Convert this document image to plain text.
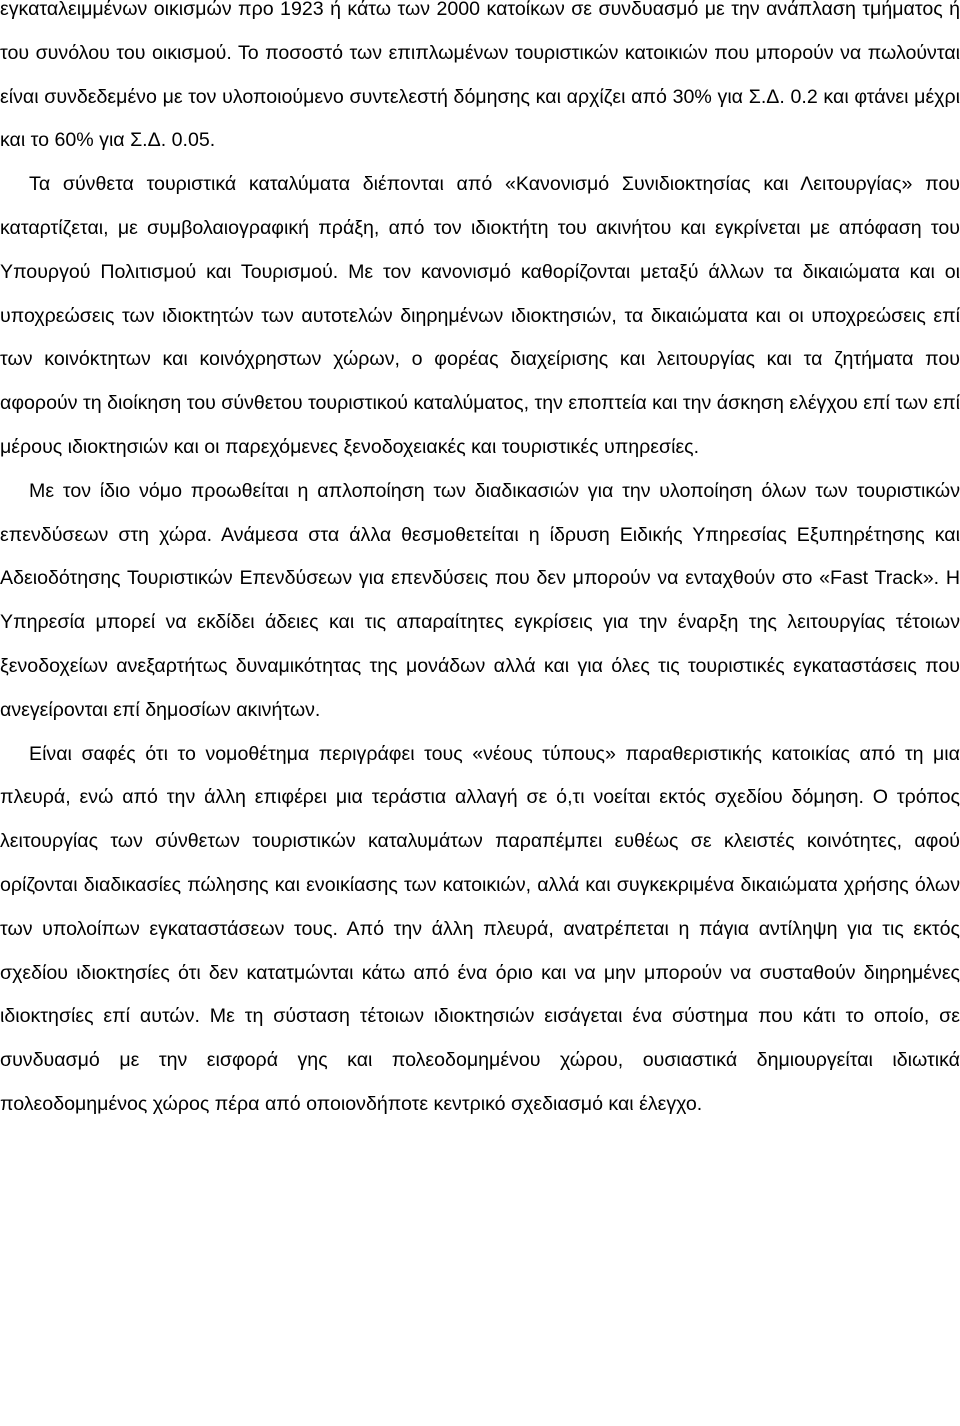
εγκαταλειμμένων οικισμών προ 1923 ή κάτω των 2000 κατοίκων σε συνδυασμό με την ανάπλαση τμήματος ή του συνόλου του οικισμού. Το ποσοστό των επιπλωμένων τουριστικών κατοικιών που μπορούν να πωλούνται είναι συνδεδεμένο με τον υλοποιούμενο συντελεστή δόμησης και αρχίζει από 30% για Σ.Δ. 0.2 και φτάνει μέχρι και το 60% για Σ.Δ. 0.05.

Τα σύνθετα τουριστικά καταλύματα διέπονται από «Κανονισμό Συνιδιοκτησίας και Λειτουργίας» που καταρτίζεται, με συμβολαιογραφική πράξη, από τον ιδιοκτήτη του ακινήτου και εγκρίνεται με απόφαση του Υπουργού Πολιτισμού και Τουρισμού. Με τον κανονισμό καθορίζονται μεταξύ άλλων τα δικαιώματα και οι υποχρεώσεις των ιδιοκτητών των αυτοτελών διηρημένων ιδιοκτησιών, τα δικαιώματα και οι υποχρεώσεις επί των κοινόκτητων και κοινόχρηστων χώρων, ο φορέας διαχείρισης και λειτουργίας και τα ζητήματα που αφορούν τη διοίκηση του σύνθετου τουριστικού καταλύματος, την εποπτεία και την άσκηση ελέγχου επί των επί μέρους ιδιοκτησιών και οι παρεχόμενες ξενοδοχειακές και τουριστικές υπηρεσίες.

Με τον ίδιο νόμο προωθείται η απλοποίηση των διαδικασιών για την υλοποίηση όλων των τουριστικών επενδύσεων στη χώρα. Ανάμεσα στα άλλα θεσμοθετείται η ίδρυση Ειδικής Υπηρεσίας Εξυπηρέτησης και Αδειοδότησης Τουριστικών Επενδύσεων για επενδύσεις που δεν μπορούν να ενταχθούν στο «Fast Track». Η Υπηρεσία μπορεί να εκδίδει άδειες και τις απαραίτητες εγκρίσεις για την έναρξη της λειτουργίας τέτοιων ξενοδοχείων ανεξαρτήτως δυναμικότητας της μονάδων αλλά και για όλες τις τουριστικές εγκαταστάσεις που ανεγείρονται επί δημοσίων ακινήτων.

Είναι σαφές ότι το νομοθέτημα περιγράφει τους «νέους τύπους» παραθεριστικής κατοικίας από τη μια πλευρά, ενώ από την άλλη επιφέρει μια τεράστια αλλαγή σε ό,τι νοείται εκτός σχεδίου δόμηση. Ο τρόπος λειτουργίας των σύνθετων τουριστικών καταλυμάτων παραπέμπει ευθέως σε κλειστές κοινότητες, αφού ορίζονται διαδικασίες πώλησης και ενοικίασης των κατοικιών, αλλά και συγκεκριμένα δικαιώματα χρήσης όλων των υπολοίπων εγκαταστάσεων τους. Από την άλλη πλευρά, ανατρέπεται η πάγια αντίληψη για τις εκτός σχεδίου ιδιοκτησίες ότι δεν κατατμώνται κάτω από ένα όριο και να μην μπορούν να συσταθούν διηρημένες ιδιοκτησίες επί αυτών. Με τη σύσταση τέτοιων ιδιοκτησιών εισάγεται ένα σύστημα που κάτι το οποίο, σε συνδυασμό με την εισφορά γης και πολεοδομημένου χώρου, ουσιαστικά δημιουργείται ιδιωτικά πολεοδομημένος χώρος πέρα από οποιονδήποτε κεντρικό σχεδιασμό και έλεγχο.
